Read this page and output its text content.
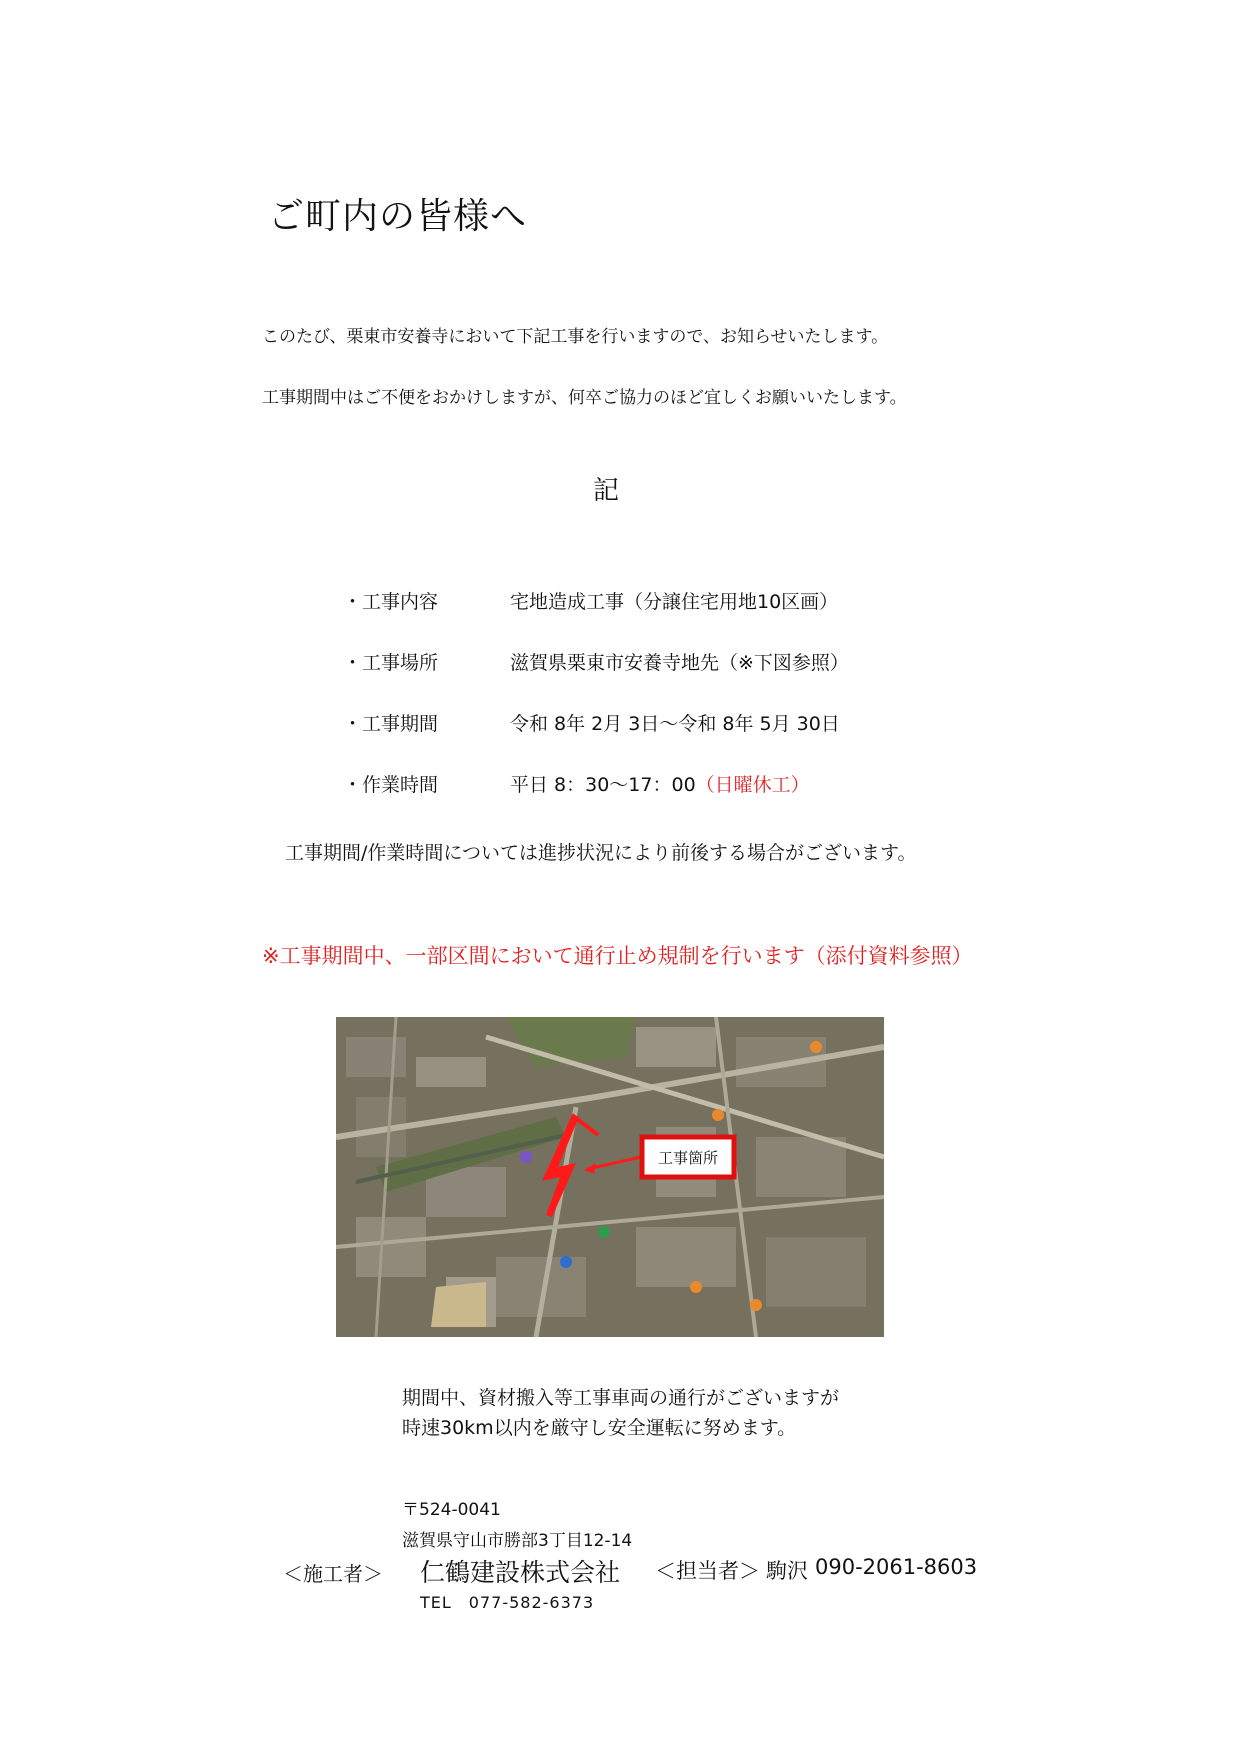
ご町内の皆様へ
このたび、栗東市安養寺において下記工事を行いますので、お知らせいたします。
工事期間中はご不便をおかけしますが、何卒ご協力のほど宜しくお願いいたします。
記
・工事内容	宅地造成工事（分譲住宅用地10区画）
・工事場所	滋賀県栗東市安養寺地先（※下図参照）
・工事期間	令和 8年 2月 3日～令和 8年 5月 30日
・作業時間	平日 8：30～17：00（日曜休工）
工事期間/作業時間については進捗状況により前後する場合がございます。
※工事期間中、一部区間において通行止め規制を行います（添付資料参照）
工事箇所
期間中、資材搬入等工事車両の通行がございますが
時速30km以内を厳守し安全運転に努めます。
〒524-0041
滋賀県守山市勝部3丁目12-14
＜施工者＞ 仁鶴建設株式会社 ＜担当者＞ 駒沢 090-2061-8603
TEL　077-582-6373
